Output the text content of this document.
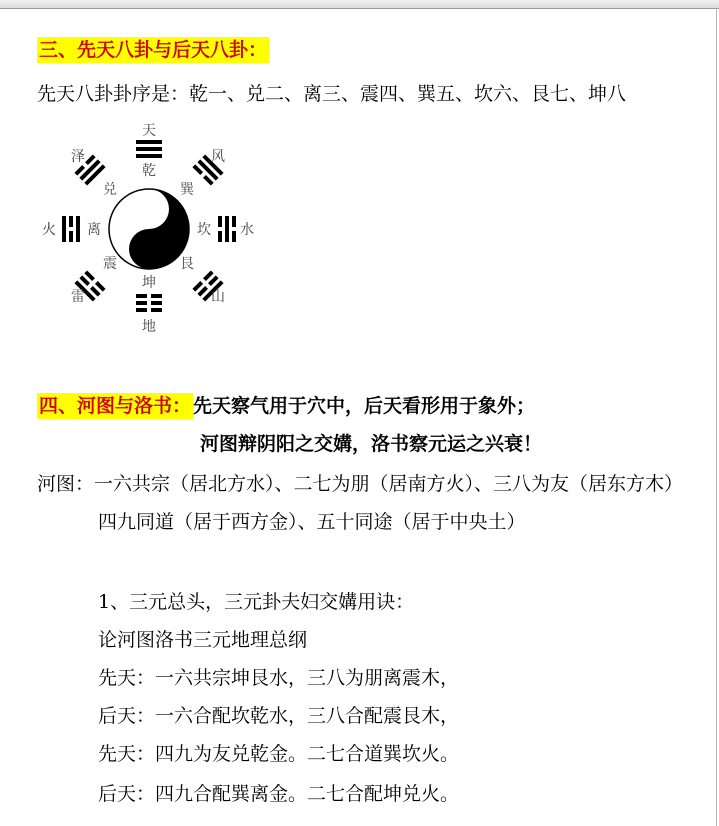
三、先天八卦与后天八卦：
先天八卦卦序是：乾一、兑二、离三、震四、巽五、坎六、艮七、坤八
天
乾
风
巽
水
坎
山
艮
地
坤
雷
震
火 离
泽
兑
四、河图与洛书： 先天察气用于穴中，后天看形用于象外；
河图辩阴阳之交媾，洛书察元运之兴衰！
河图：一六共宗（居北方水）、二七为朋（居南方火）、三八为友（居东方木）
四九同道（居于西方金）、五十同途（居于中央土）
1、三元总头，三元卦夫妇交媾用诀：
论河图洛书三元地理总纲
先天：一六共宗坤艮水，三八为朋离震木，
后天：一六合配坎乾水，三八合配震艮木，
先天：四九为友兑乾金。二七合道巽坎火。
后天：四九合配巽离金。二七合配坤兑火。
